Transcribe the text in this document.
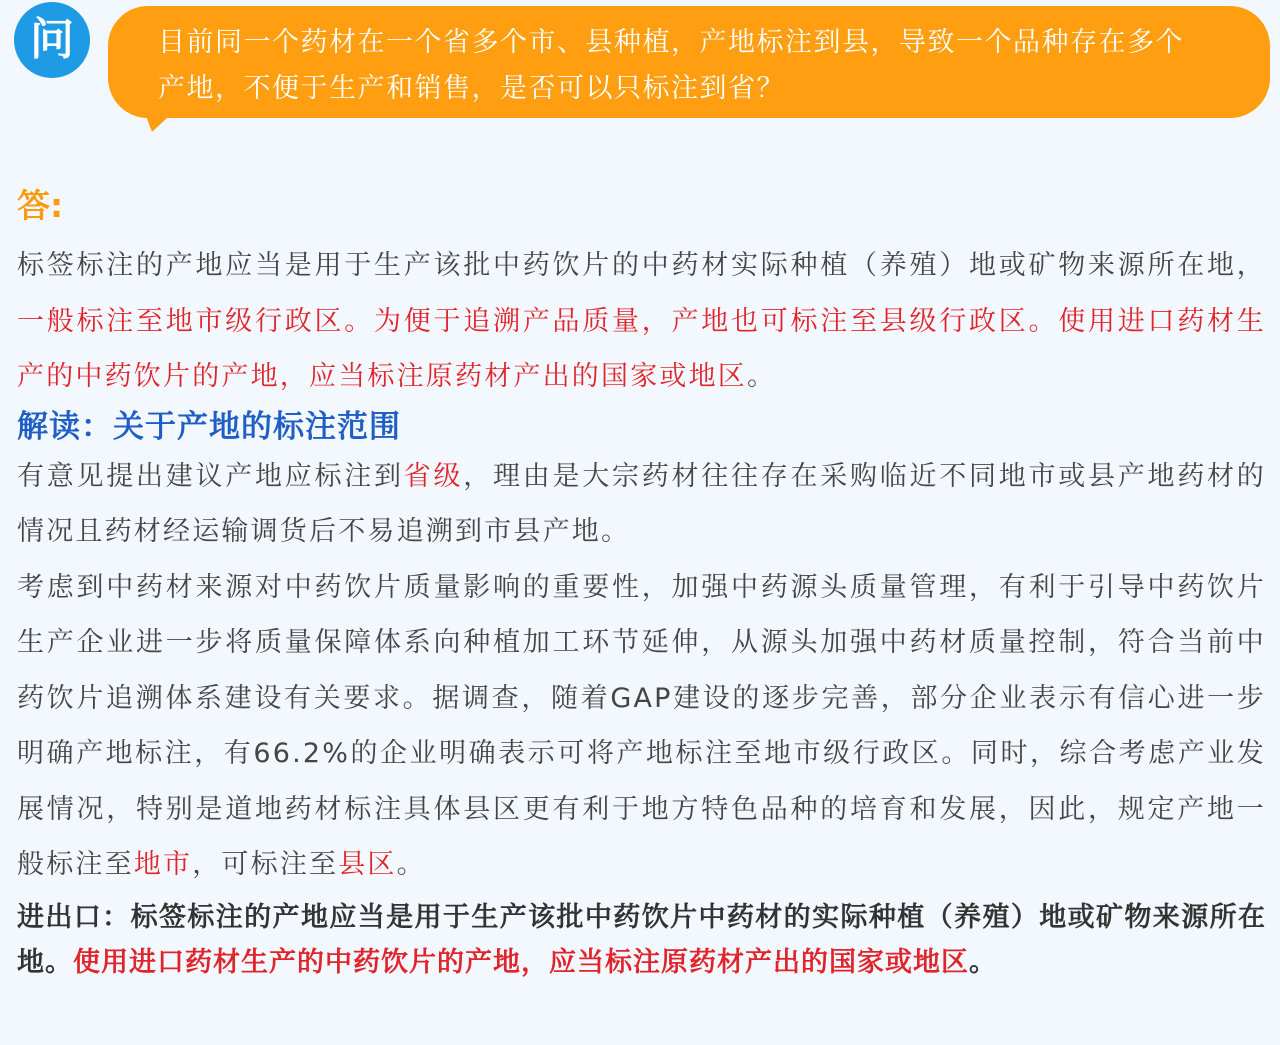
问	目前同一个药材在一个省多个市、县种植，产地标注到县，导致一个品种存在多个产地，不便于生产和销售，是否可以只标注到省？
答:

标签标注的产地应当是用于生产该批中药饮片的中药材实际种植（养殖）地或矿物来源所在地，一般标注至地市级行政区。为便于追溯产品质量，产地也可标注至县级行政区。使用进口药材生产的中药饮片的产地，应当标注原药材产出的国家或地区。

解读：关于产地的标注范围

有意见提出建议产地应标注到省级，理由是大宗药材往往存在采购临近不同地市或县产地药材的情况且药材经运输调货后不易追溯到市县产地。

考虑到中药材来源对中药饮片质量影响的重要性，加强中药源头质量管理，有利于引导中药饮片生产企业进一步将质量保障体系向种植加工环节延伸，从源头加强中药材质量控制，符合当前中药饮片追溯体系建设有关要求。据调查，随着GAP建设的逐步完善，部分企业表示有信心进一步明确产地标注，有66.2%的企业明确表示可将产地标注至地市级行政区。同时，综合考虑产业发展情况，特别是道地药材标注具体县区更有利于地方特色品种的培育和发展，因此，规定产地一般标注至地市，可标注至县区。

进出口：标签标注的产地应当是用于生产该批中药饮片中药材的实际种植（养殖）地或矿物来源所在地。使用进口药材生产的中药饮片的产地，应当标注原药材产出的国家或地区。
